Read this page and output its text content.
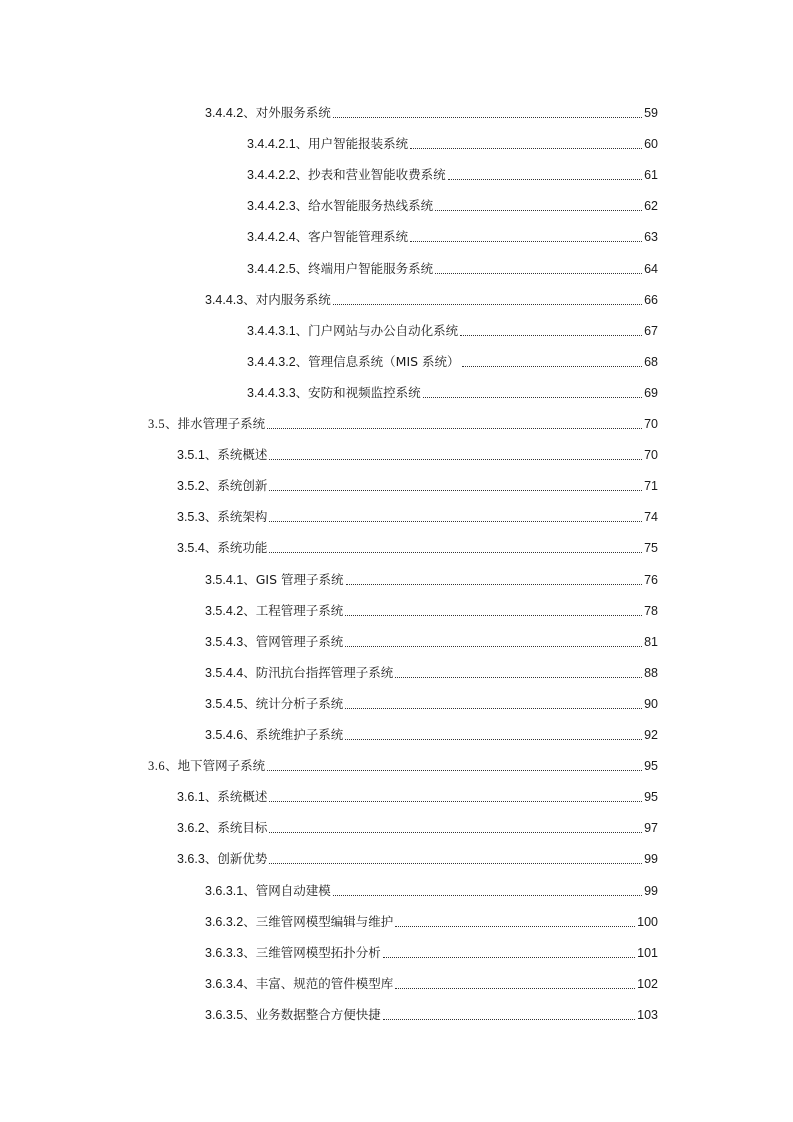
3.4.4.2 、 对外服务系统	59
3.4.4.2.1 、 用户智能报装系统	60
3.4.4.2.2 、 抄表和营业智能收费系统	61
3.4.4.2.3 、 给水智能服务热线系统	62
3.4.4.2.4 、 客户智能管理系统	63
3.4.4.2.5 、 终端用户智能服务系统	64
3.4.4.3 、 对内服务系统	66
3.4.4.3.1 、 门户网站与办公自动化系统	67
3.4.4.3.2 、 管理信息系统（MIS 系统）	68
3.4.4.3.3 、 安防和视频监控系统	69
3.5 、 排水管理子系统	70
3.5.1 、 系统概述	70
3.5.2 、 系统创新	71
3.5.3 、 系统架构	74
3.5.4 、 系统功能	75
3.5.4.1 、 GIS 管理子系统	76
3.5.4.2 、 工程管理子系统	78
3.5.4.3 、 管网管理子系统	81
3.5.4.4 、 防汛抗台指挥管理子系统	88
3.5.4.5 、 统计分析子系统	90
3.5.4.6 、 系统维护子系统	92
3.6 、 地下管网子系统	95
3.6.1 、 系统概述	95
3.6.2 、 系统目标	97
3.6.3 、 创新优势	99
3.6.3.1 、 管网自动建模	99
3.6.3.2 、 三维管网模型编辑与维护	100
3.6.3.3 、 三维管网模型拓扑分析	101
3.6.3.4 、 丰富、规范的管件模型库	102
3.6.3.5 、 业务数据整合方便快捷	103
